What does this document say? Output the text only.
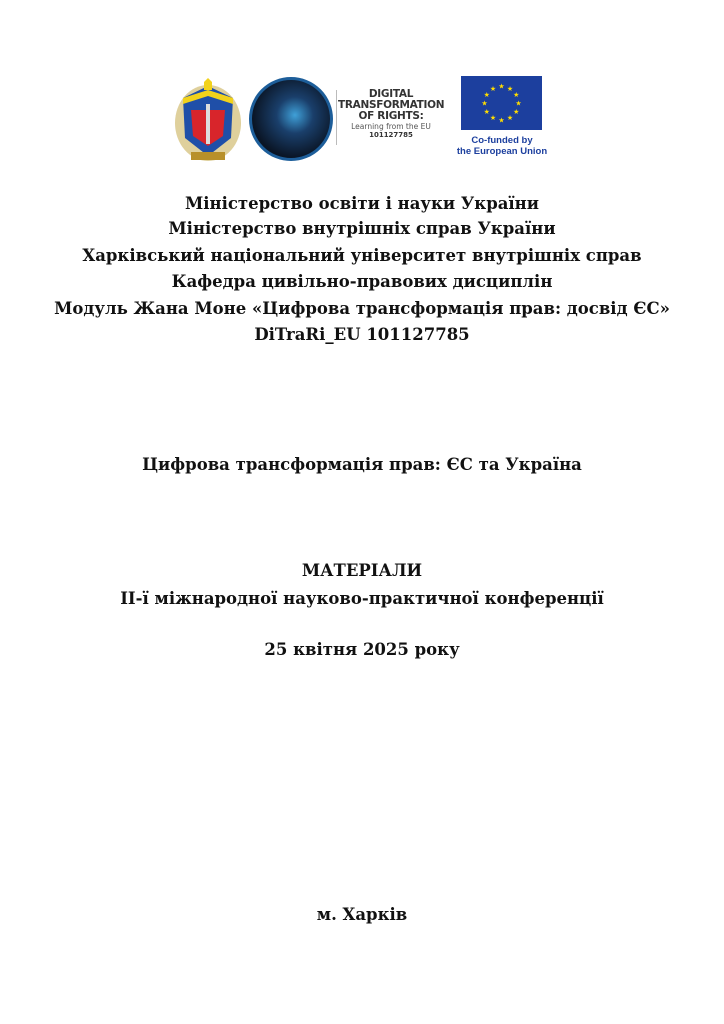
DIGITAL
TRANSFORMATION
OF RIGHTS:
Learning from the EU
101127785
★
★
★
★
★
★
★
★
★ ★ ★
★
Co-funded by
the European Union
Міністерство освіти і науки України
Міністерство внутрішніх справ України
Харківський національний університет внутрішніх справ
Кафедра цивільно-правових дисциплін
Модуль Жана Моне «Цифрова трансформація прав: досвід ЄС»
DiTraRi_EU 101127785
Цифрова трансформація прав: ЄС та Україна
МАТЕРІАЛИ
ІІ-ї міжнародної науково-практичної конференції
25 квітня 2025 року
м. Харків
